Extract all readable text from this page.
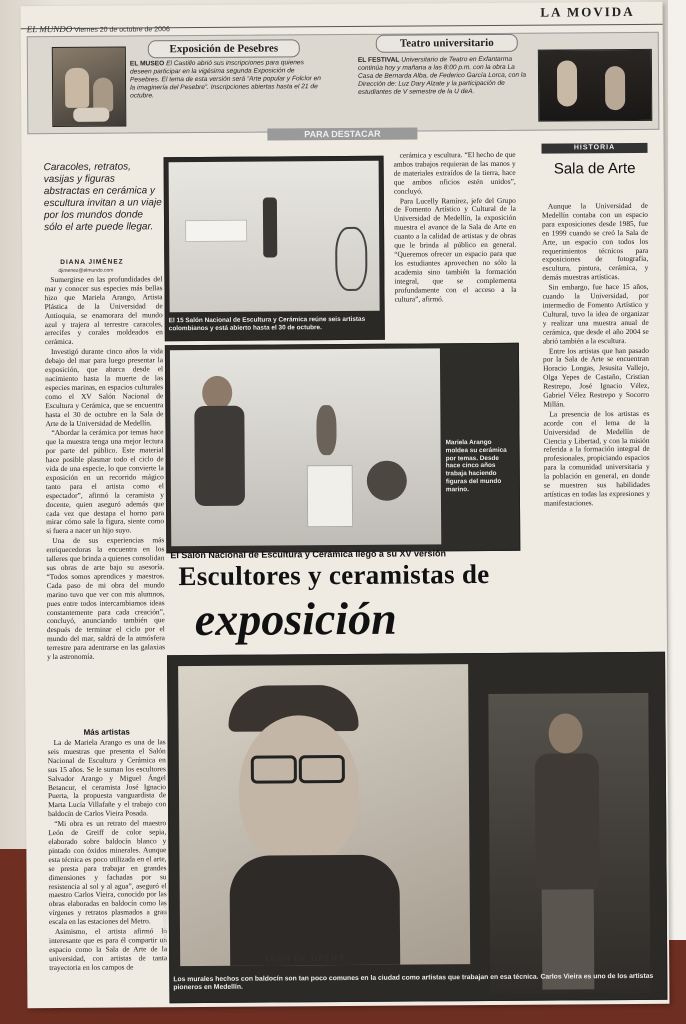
LA MOVIDA
EL MUNDO Viernes 20 de octubre de 2006
Exposición de Pesebres
EL MUSEO El Castillo abrió sus inscripciones para quienes deseen participar en la vigésima segunda Exposición de Pesebres. El tema de esta versión será “Arte popular y Folclor en la imaginería del Pesebre”. Inscripciones abiertas hasta el 21 de octubre.
Teatro universitario
EL FESTIVAL Universitario de Teatro en Exfantarma continúa hoy y mañana a las 8:00 p.m. con la obra La Casa de Bernarda Alba, de Federico García Lorca, con la Dirección de: Luz Dary Alzate y la participación de estudiantes de V semestre de la U deA.
PARA DESTACAR
Caracoles, retratos, vasijas y figuras abstractas en cerámica y escultura invitan a un viaje por los mundos donde sólo el arte puede llegar.
DIANA JIMÉNEZ
djimenez@elmundo.com

Sumergirse en las profundidades del mar y conocer sus especies más bellas hizo que Mariela Arango, Artista Plástica de la Universidad de Antioquia, se enamorara del mundo azul y trajera al terrestre caracoles, arrecifes y corales moldeados en cerámica.

Investigó durante cinco años la vida debajo del mar para luego presentar la exposición, que abarca desde el nacimiento hasta la muerte de las especies marinas, en espacios culturales como el XV Salón Nacional de Escultura y Cerámica, que se encuentra hasta el 30 de octubre en la Sala de Arte de la Universidad de Medellín.

“Abordar la cerámica por temas hace que la muestra tenga una mejor lectura por parte del público. Este material hace posible plasmar todo el ciclo de vida de una especie, lo que convierte la exposición en un recorrido mágico tanto para el artista como el espectador”, afirmó la ceramista y docente, quien aseguró además que cada vez que destapa el horno para mirar cómo sale la figura, siente como si fuera a nacer un hijo suyo.

Una de sus experiencias más enriquecedoras la encuentra en los talleres que brinda a quienes consolidan sus obras de arte bajo su asesoría. “Todos somos aprendices y maestros. Cada paso de mi obra del mundo marino tuvo que ver con mis alumnos, pues entre todos intercambiamos ideas constantemente para cada creación”, concluyó, anunciando también que después de terminar el ciclo por el mundo del mar, saldrá de la atmósfera terrestre para adentrarse en las galaxias y la astronomía.

Más artistas

La de Mariela Arango es una de las seis muestras que presenta el Salón Nacional de Escultura y Cerámica en sus 15 años. Se le suman los escultores Salvador Arango y Miguel Ángel Betancur, el ceramista José Ignacio Puerta, la propuesta vanguardista de Marta Lucía Villafañe y el trabajo con baldocín de Carlos Vieira Posada.

“Mi obra es un retrato del maestro León de Greiff de color sepia, elaborado sobre baldocín blanco y pintado con óxidos minerales. Aunque esta técnica es poco utilizada en el arte, se presta para trabajar en grandes dimensiones y fachadas por su resistencia al sol y al agua”, aseguró el maestro Carlos Vieira, conocido por las obras elaboradas en baldocín como las vírgenes y retratos plasmados a gran escala en las estaciones del Metro.

Asimismo, el artista afirmó lo interesante que es para él compartir un espacio como la Sala de Arte de la universidad, con artistas de tanta trayectoria en los campos de

El 15 Salón Nacional de Escultura y Cerámica reúne seis artistas colombianos y está abierto hasta el 30 de octubre.

cerámica y escultura. “El hecho de que ambos trabajos requieran de las manos y de materiales extraídos de la tierra, hace que ambos oficios estén unidos”, concluyó.

Para Lucelly Ramírez, jefe del Grupo de Fomento Artístico y Cultural de la Universidad de Medellín, la exposición muestra el avance de la Sala de Arte en cuanto a la calidad de artistas y de obras que le brinda al público en general. “Queremos ofrecer un espacio para que los estudiantes aprovechen no sólo la academia sino también la formación integral, que se complementa profundamente con el acceso a la cultura”, afirmó.

Mariela Arango moldea su cerámica por temas. Desde hace cinco años trabaja haciendo figuras del mundo marino.
El Salón Nacional de Escultura y Cerámica llegó a su XV versión
Escultores y ceramistas de
exposición
HISTORIA
Sala de Arte

Aunque la Universidad de Medellín contaba con un espacio para exposiciones desde 1985, fue en 1999 cuando se creó la Sala de Arte, un espacio con todos los requerimientos técnicos para exposiciones de fotografía, escultura, pintura, cerámica, y demás muestras artísticas.

Sin embargo, fue hace 15 años, cuando la Universidad, por intermedio de Fomento Artístico y Cultural, tuvo la idea de organizar y realizar una muestra anual de cerámica, que desde el año 2004 se abrió también a la escultura.

Entre los artistas que han pasado por la Sala de Arte se encuentran Horacio Longas, Jesusita Vallejo, Olga Yepes de Castaño, Cristian Restrepo, José Ignacio Vélez, Gabriel Vélez Restrepo y Socorro Millán.

La presencia de los artistas es acorde con el lema de la Universidad de Medellín de Ciencia y Libertad, y con la misión referida a la formación integral de profesionales, propiciando espacios para la comunidad universitaria y la población en general, en donde se muestren sus habilidades artísticas en todas las expresiones y manifestaciones.

LEON DE GREIFF
OMAR PORTELA
Los murales hechos con baldocín son tan poco comunes en la ciudad como artistas que trabajan en esa técnica. Carlos Vieira es uno de los artistas pioneros en Medellín.
